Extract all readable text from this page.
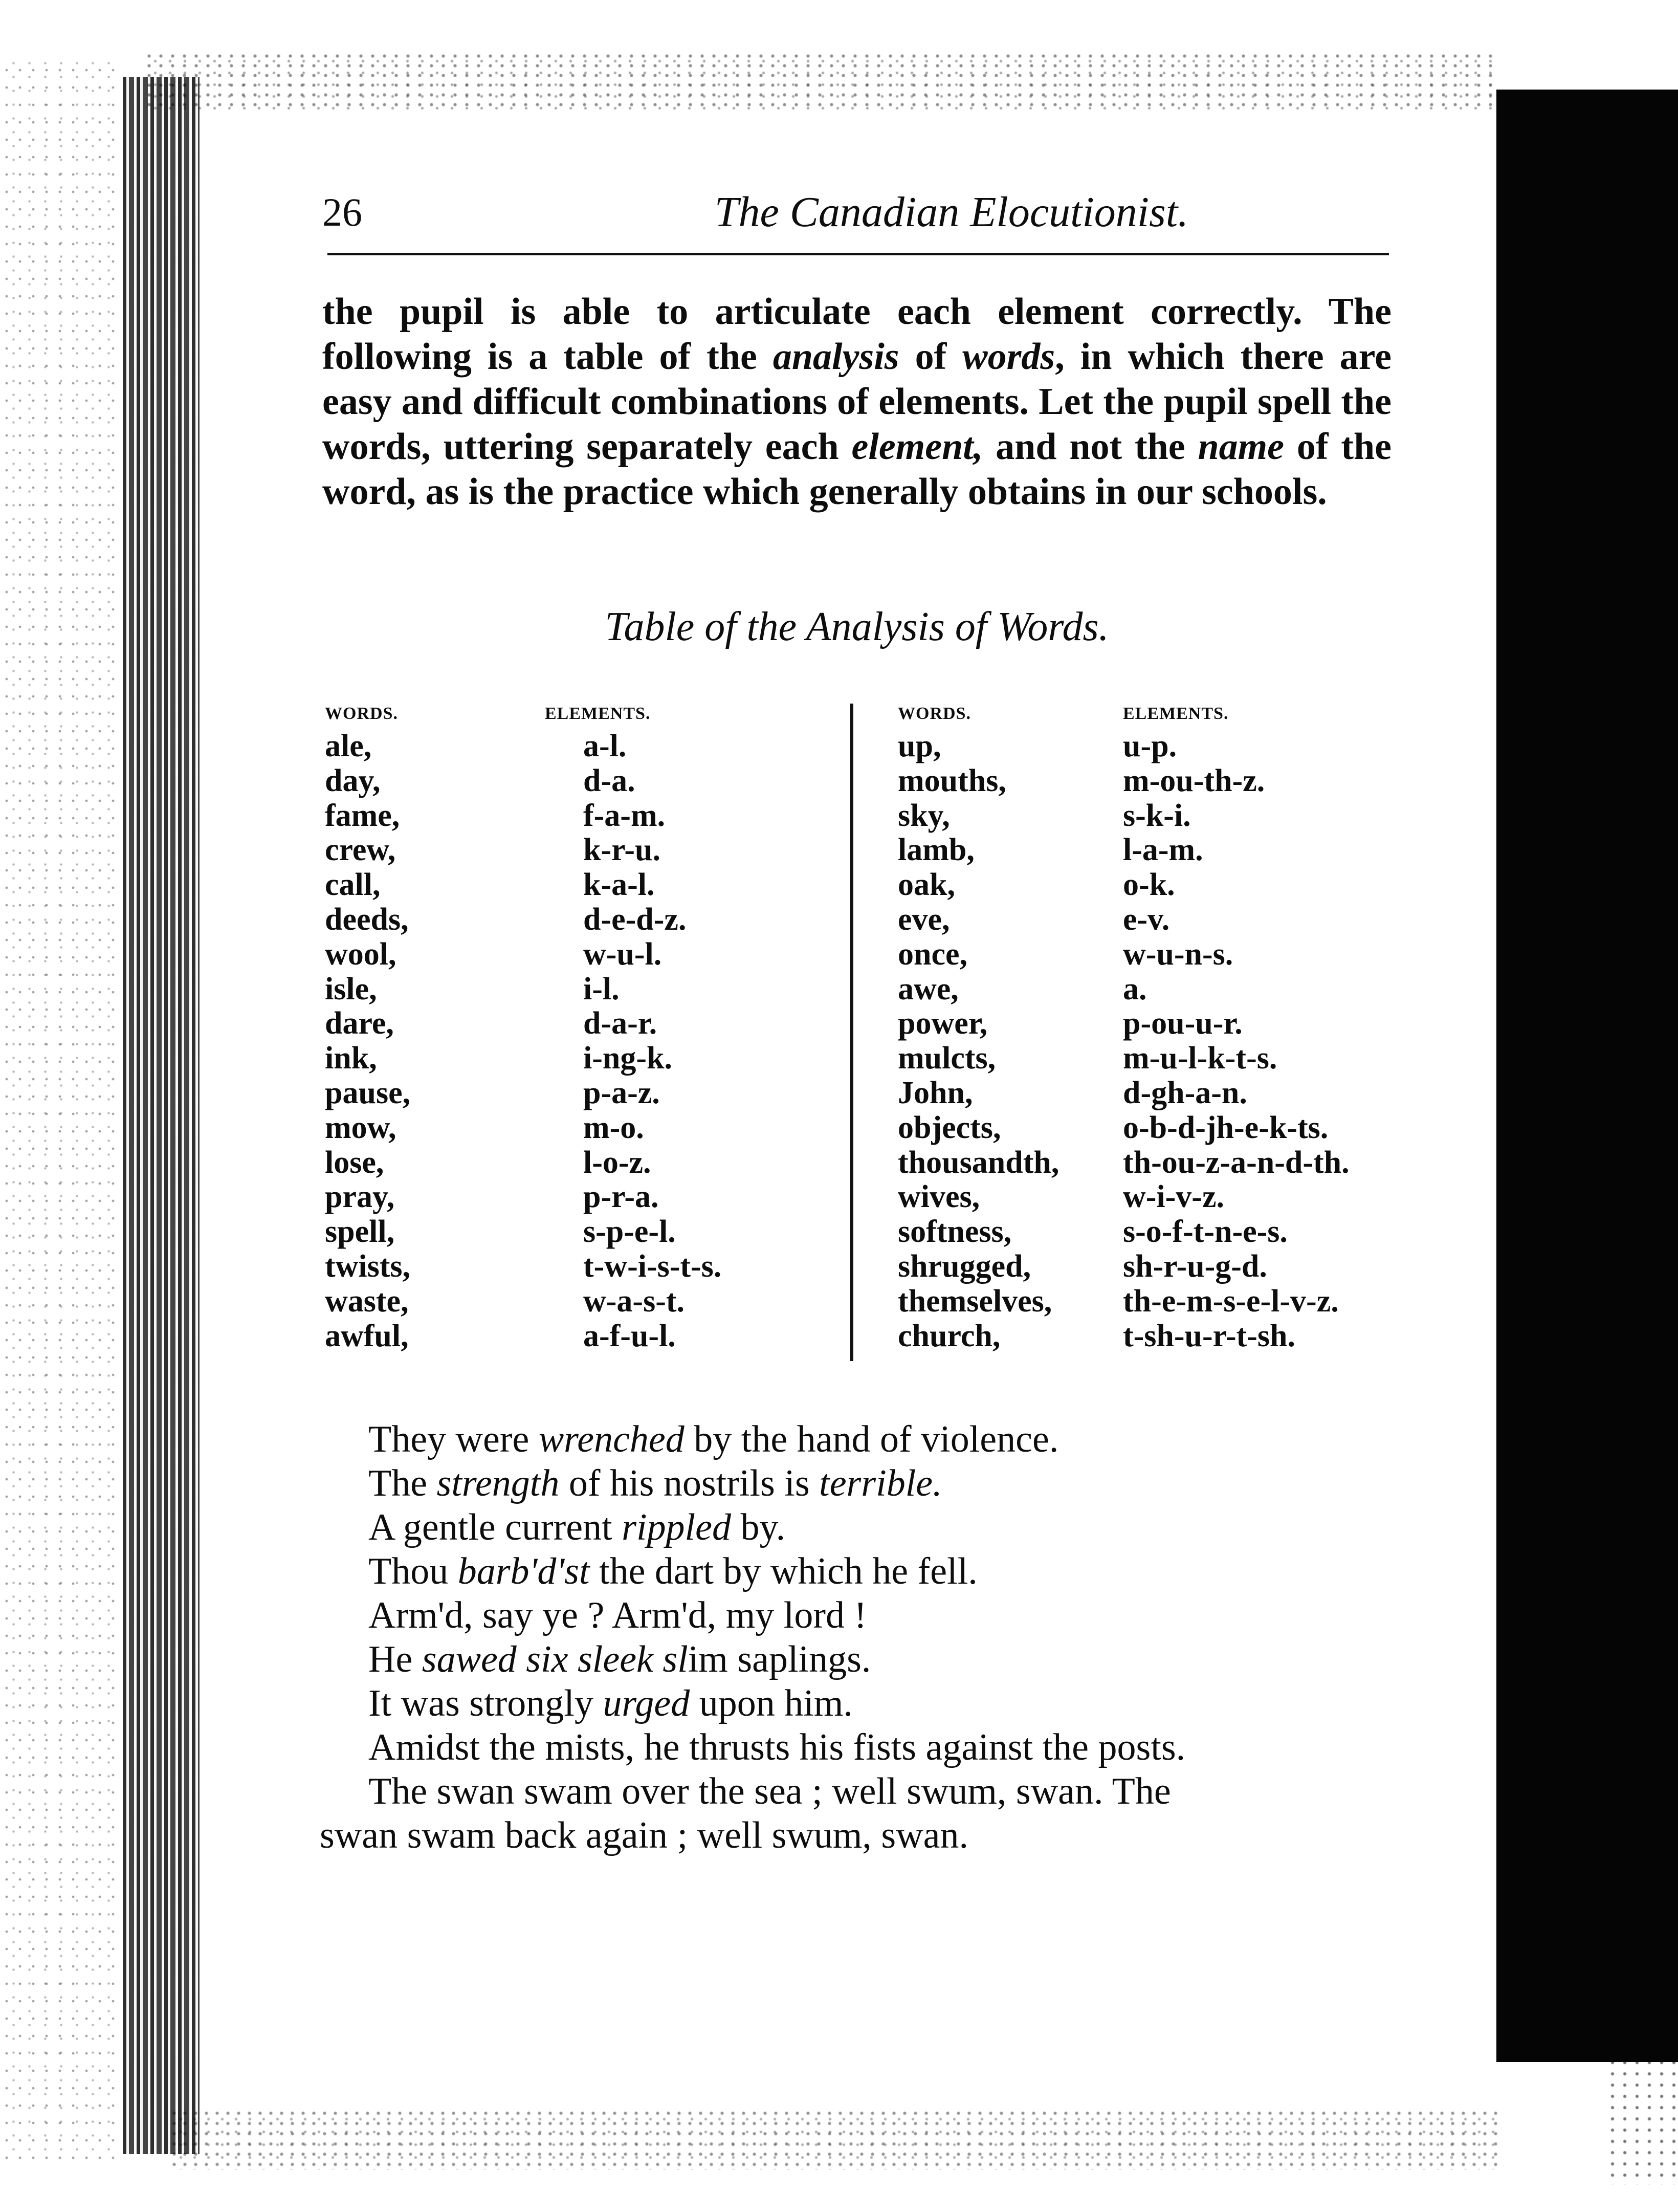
26	The Canadian Elocutionist.
the pupil is able to articulate each element correctly. The following is a table of the analysis of words, in which there are easy and difficult combinations of elements. Let the pupil spell the words, uttering separately each element, and not the name of the word, as is the practice which generally obtains in our schools.
Table of the Analysis of Words.
WORDS.	ELEMENTS.
ale,	a-l.
day,	d-a.
fame,	f-a-m.
crew,	k-r-u.
call,	k-a-l.
deeds,	d-e-d-z.
wool,	w-u-l.
isle,	i-l.
dare,	d-a-r.
ink,	i-ng-k.
pause,	p-a-z.
mow,	m-o.
lose,	l-o-z.
pray,	p-r-a.
spell,	s-p-e-l.
twists,	t-w-i-s-t-s.
waste,	w-a-s-t.
awful,	a-f-u-l.
WORDS.	ELEMENTS.
up,	u-p.
mouths,	m-ou-th-z.
sky,	s-k-i.
lamb,	l-a-m.
oak,	o-k.
eve,	e-v.
once,	w-u-n-s.
awe,	a.
power,	p-ou-u-r.
mulcts,	m-u-l-k-t-s.
John,	d-gh-a-n.
objects,	o-b-d-jh-e-k-ts.
thousandth, th-ou-z-a-n-d-th.
wives,	w-i-v-z.
softness,	s-o-f-t-n-e-s.
shrugged,	sh-r-u-g-d.
themselves, th-e-m-s-e-l-v-z.
church,	t-sh-u-r-t-sh.
They were wrenched by the hand of violence.
The strength of his nostrils is terrible.
A gentle current rippled by.
Thou barb'd'st the dart by which he fell.
Arm'd, say ye ? Arm'd, my lord !
He sawed six sleek slim saplings.
It was strongly urged upon him.
Amidst the mists, he thrusts his fists against the posts.
The swan swam over the sea ; well swum, swan. The
swan swam back again ; well swum, swan.
